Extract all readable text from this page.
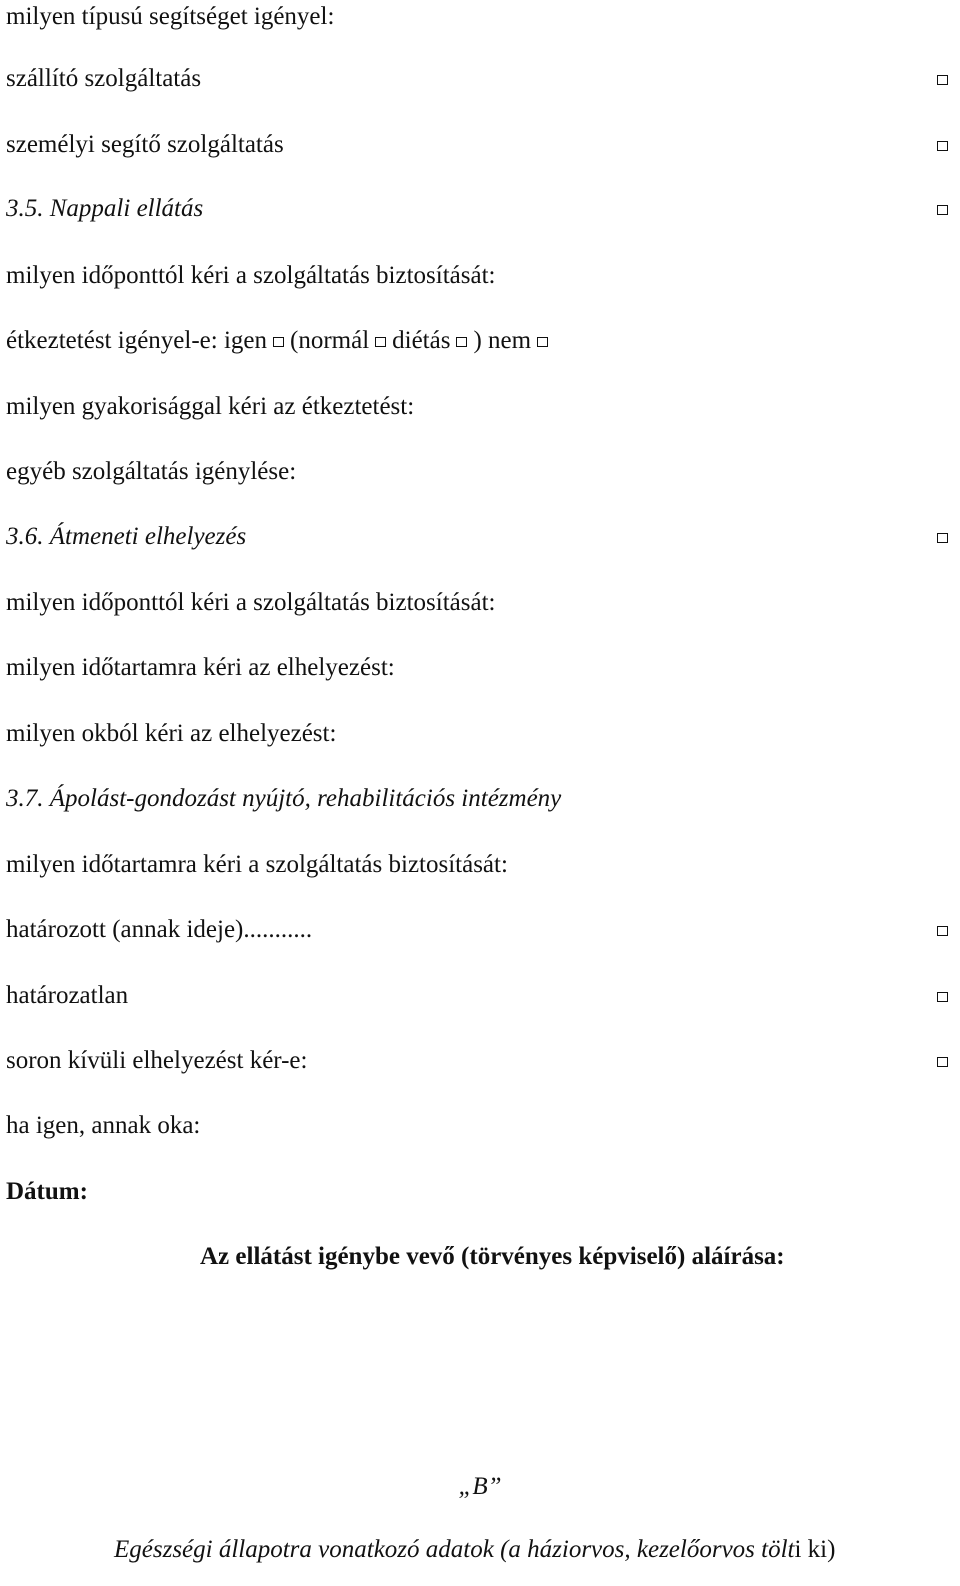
milyen típusú segítséget igényel:
szállító szolgáltatás
személyi segítő szolgáltatás
3.5. Nappali ellátás
milyen időponttól kéri a szolgáltatás biztosítását:
étkeztetést igényel-e: igen (normál diétás ) nem
milyen gyakorisággal kéri az étkeztetést:
egyéb szolgáltatás igénylése:
3.6. Átmeneti elhelyezés
milyen időponttól kéri a szolgáltatás biztosítását:
milyen időtartamra kéri az elhelyezést:
milyen okból kéri az elhelyezést:
3.7. Ápolást-gondozást nyújtó, rehabilitációs intézmény
milyen időtartamra kéri a szolgáltatás biztosítását:
határozott (annak ideje)...........
határozatlan
soron kívüli elhelyezést kér-e:
ha igen, annak oka:
Dátum:
Az ellátást igénybe vevő (törvényes képviselő) aláírása:
„B”
Egészségi állapotra vonatkozó adatok (a háziorvos, kezelőorvos tölti ki)
